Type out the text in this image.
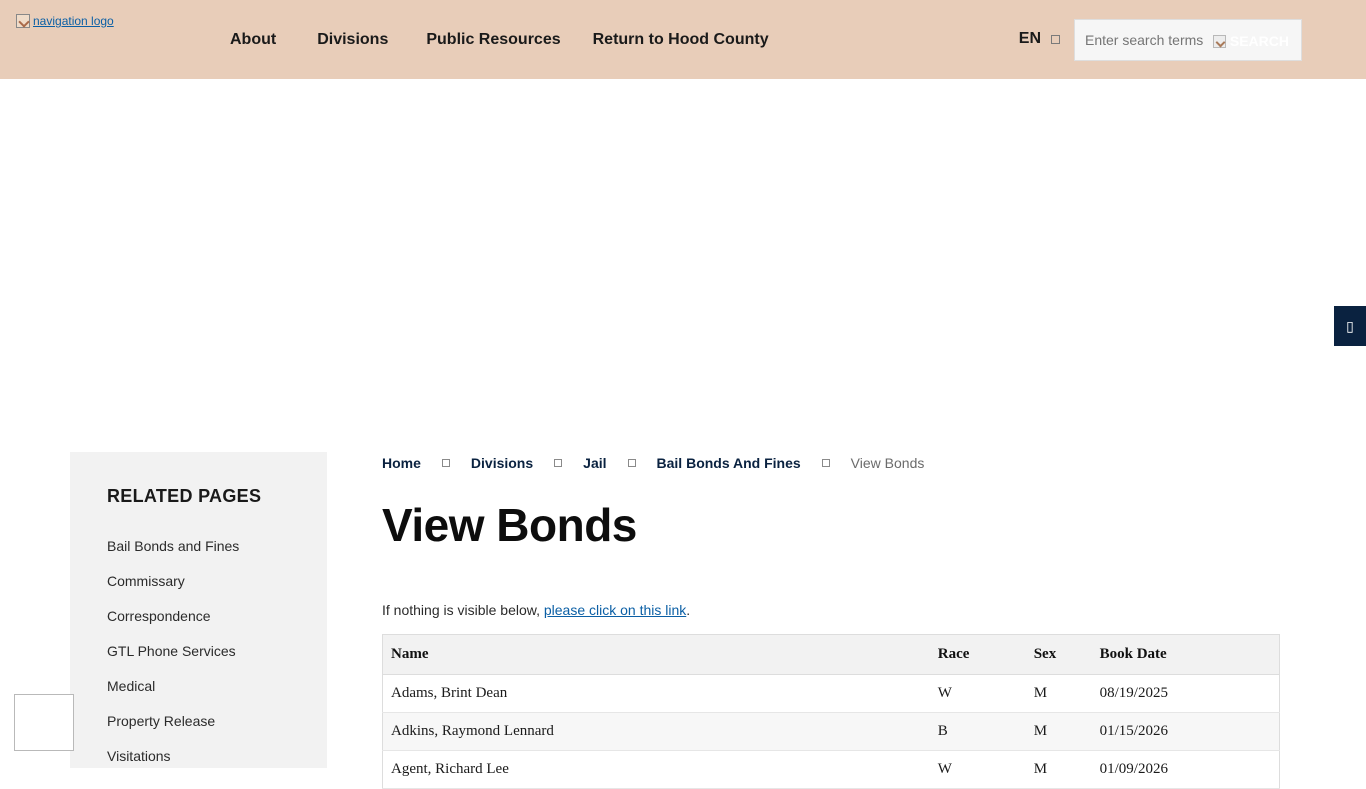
navigation logo
About	Divisions	Public Resources	Return to Hood County	EN
Enter search terms	SEARCH
▯
RELATED PAGES
Bail Bonds and Fines
Commissary
Correspondence
GTL Phone Services
Medical
Property Release
Visitations
Home	Divisions	Jail	Bail Bonds And Fines	View Bonds
View Bonds

If nothing is visible below, please click on this link.

Name	Race	Sex	Book Date
Adams, Brint Dean	W	M	08/19/2025
Adkins, Raymond Lennard	B	M	01/15/2026
Agent, Richard Lee	W	M	01/09/2026
